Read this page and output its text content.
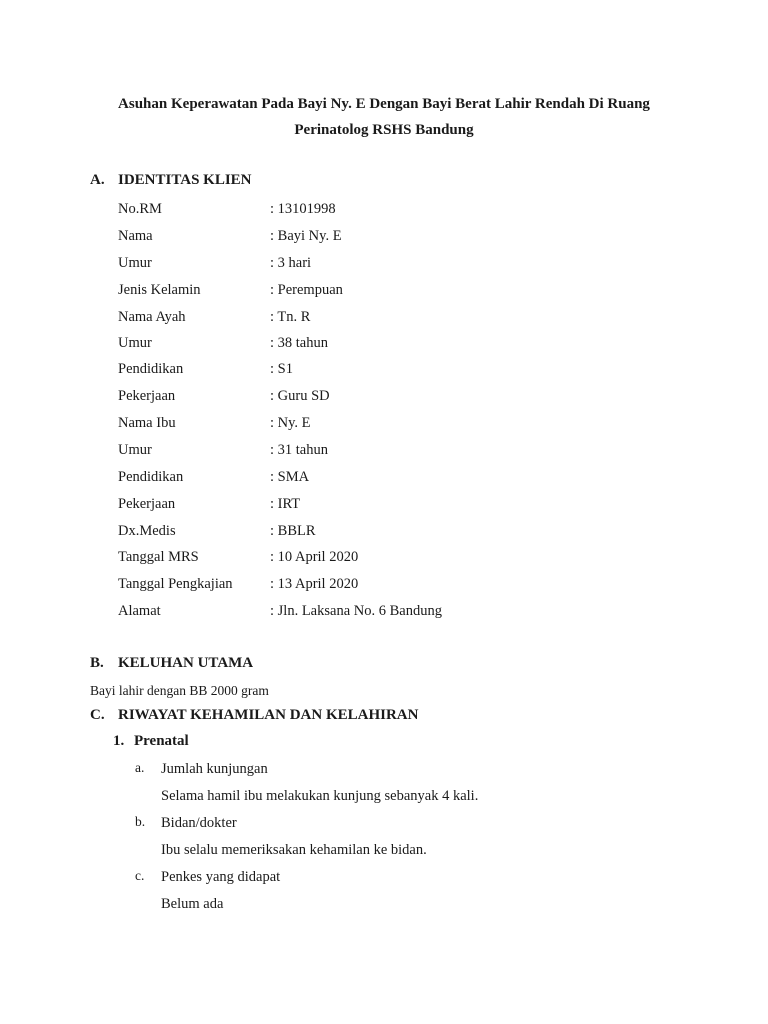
Asuhan Keperawatan Pada Bayi Ny. E Dengan Bayi Berat Lahir Rendah Di Ruang
Perinatolog RSHS Bandung
A. IDENTITAS KLIEN
No.RM	: 13101998
Nama	: Bayi Ny. E
Umur	: 3 hari
Jenis Kelamin	: Perempuan
Nama Ayah	: Tn. R
Umur	: 38 tahun
Pendidikan	: S1
Pekerjaan	: Guru SD
Nama Ibu	: Ny. E
Umur	: 31 tahun
Pendidikan	: SMA
Pekerjaan	: IRT
Dx.Medis	: BBLR
Tanggal MRS	: 10 April 2020
Tanggal Pengkajian	: 13 April 2020
Alamat	: Jln. Laksana No. 6 Bandung
B. KELUHAN UTAMA
Bayi lahir dengan BB 2000 gram
C. RIWAYAT KEHAMILAN DAN KELAHIRAN
1. Prenatal
a. Jumlah kunjungan
Selama hamil ibu melakukan kunjung sebanyak 4 kali.
b. Bidan/dokter
Ibu selalu memeriksakan kehamilan ke bidan.
c. Penkes yang didapat
Belum ada
